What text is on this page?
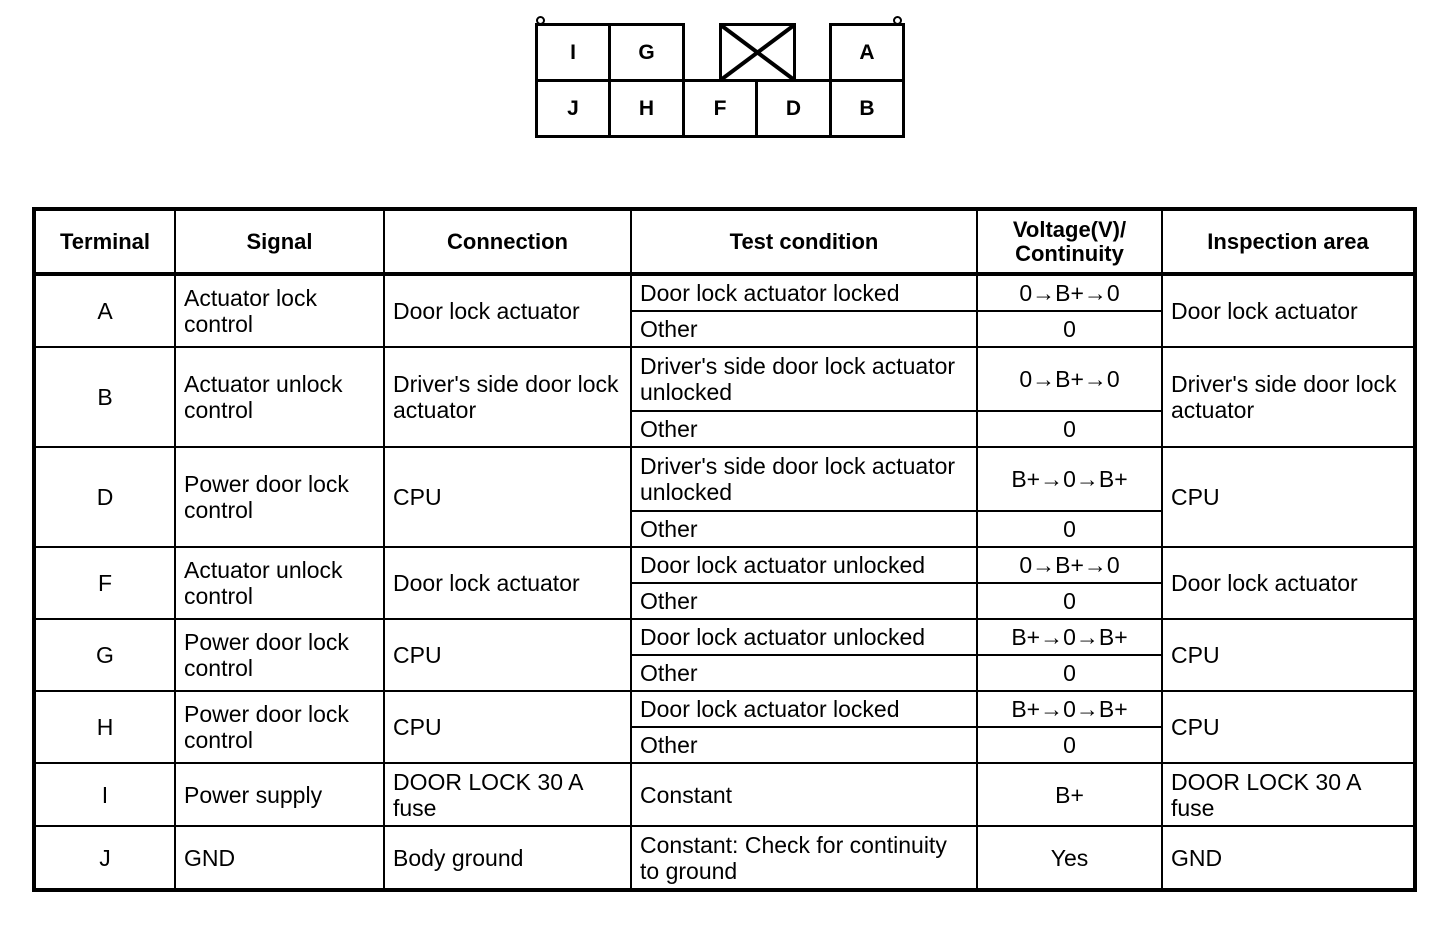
I	G	A
J	H	F	D	B
Terminal	Signal	Connection	Test condition	Voltage(V)/ Continuity	Inspection area
A	Actuator lock control	Door lock actuator	Door lock actuator locked	0→B+→0	Door lock actuator
			Other	0	
B	Actuator unlock control	Driver's side door lock actuator	Driver's side door lock actuator unlocked	0→B+→0	Driver's side door lock actuator
			Other	0	
D	Power door lock control	CPU	Driver's side door lock actuator unlocked	B+→0→B+	CPU
			Other	0	
F	Actuator unlock control	Door lock actuator	Door lock actuator unlocked	0→B+→0	Door lock actuator
			Other	0	
G	Power door lock control	CPU	Door lock actuator unlocked	B+→0→B+	CPU
			Other	0	
H	Power door lock control	CPU	Door lock actuator locked	B+→0→B+	CPU
			Other	0	
I	Power supply	DOOR LOCK 30 A fuse	Constant	B+	DOOR LOCK 30 A fuse
J	GND	Body ground	Constant: Check for continuity to ground	Yes	GND
